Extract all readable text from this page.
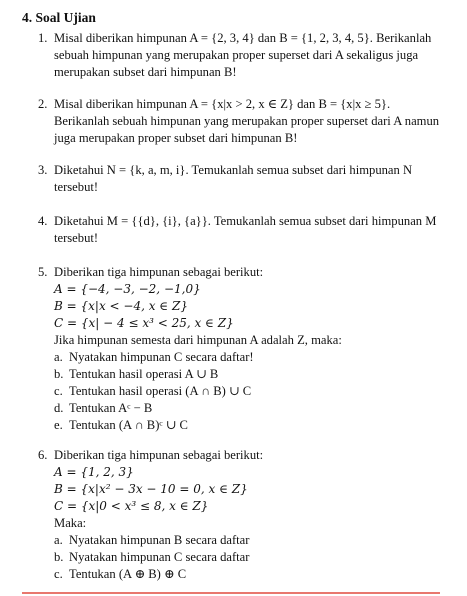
4. Soal Ujian
1. Misal diberikan himpunan A = {2, 3, 4} dan B = {1, 2, 3, 4, 5}. Berikanlah
sebuah himpunan yang merupakan proper superset dari A sekaligus juga
merupakan subset dari himpunan B!
2. Misal diberikan himpunan A = {x|x > 2, x ∈ Z} dan B = {x|x ≥ 5}.
Berikanlah sebuah himpunan yang merupakan proper superset dari A namun
juga merupakan proper subset dari himpunan B!
3. Diketahui N = {k, a, m, i}. Temukanlah semua subset dari himpunan N
tersebut!
4. Diketahui M = {{d}, {i}, {a}}. Temukanlah semua subset dari himpunan M
tersebut!
5. Diberikan tiga himpunan sebagai berikut:
A = {−4, −3, −2, −1,0}
B = {x|x < −4, x ∈ Z}
C = {x| − 4 ≤ x³ < 25, x ∈ Z}
Jika himpunan semesta dari himpunan A adalah Z, maka:
a. Nyatakan himpunan C secara daftar!
b. Tentukan hasil operasi A ∪ B
c. Tentukan hasil operasi (A ∩ B) ∪ C
d. Tentukan Aᶜ − B
e. Tentukan (A ∩ B)ᶜ ∪ C
6. Diberikan tiga himpunan sebagai berikut:
A = {1, 2, 3}
B = {x|x² − 3x − 10 = 0, x ∈ Z}
C = {x|0 < x³ ≤ 8, x ∈ Z}
Maka:
a. Nyatakan himpunan B secara daftar
b. Nyatakan himpunan C secara daftar
c. Tentukan (A ⊕ B) ⊕ C
